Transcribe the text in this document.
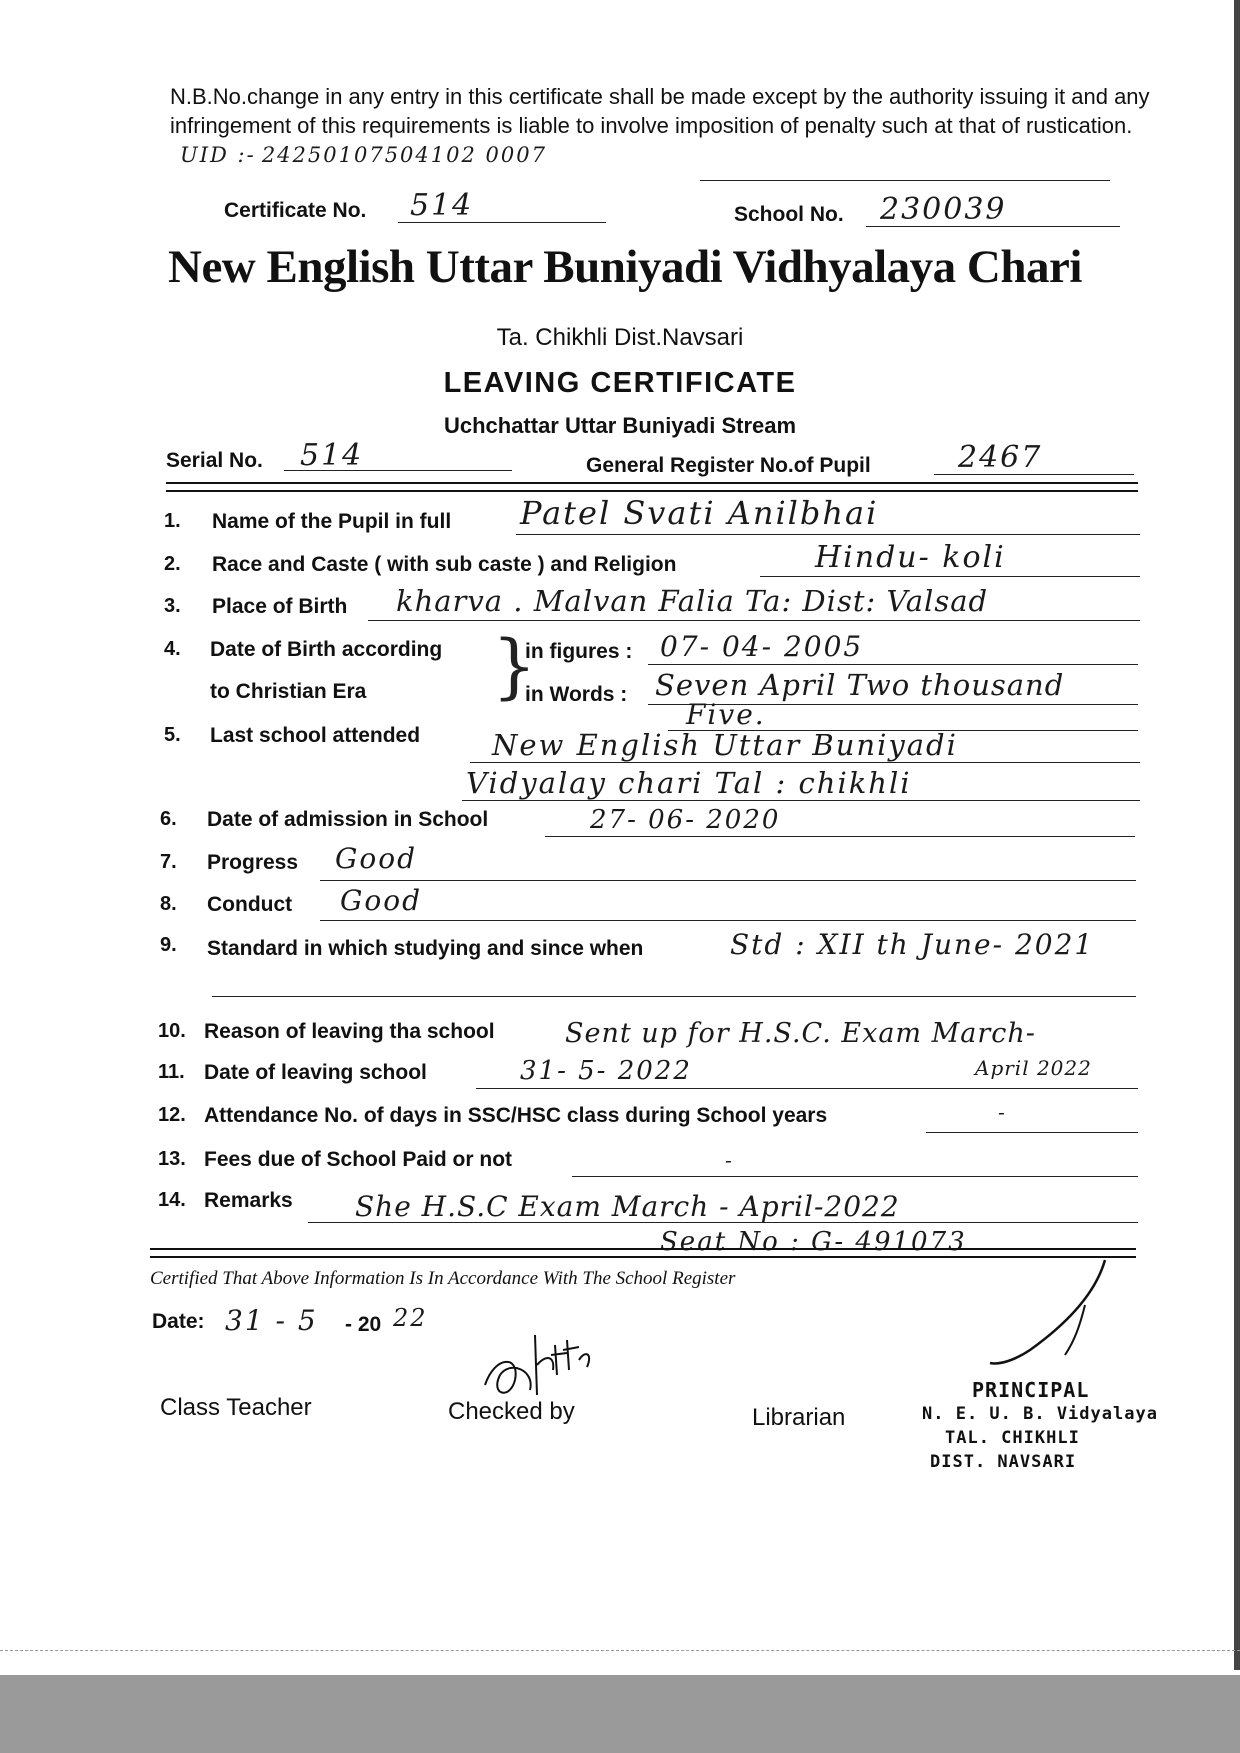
N.B.No.change in any entry in this certificate shall be made except by the authority issuing it and any infringement of this requirements is liable to involve imposition of penalty such at that of rustication. UID :- 24250107504102 0007
Certificate No. 514	School No. 230039
New English Uttar Buniyadi Vidhyalaya Chari
Ta. Chikhli Dist.Navsari
LEAVING CERTIFICATE
Uchchattar Uttar Buniyadi Stream
Serial No. 514	General Register No.of Pupil	2467
1. Name of the Pupil in full Patel Svati Anilbhai
2. Race and Caste ( with sub caste ) and Religion	Hindu- koli
3. Place of Birth kharva . Malvan Falia Ta: Dist: Valsad
4. Date of Birth according
to Christian Era }
in figures : 07- 04- 2005
in Words : Seven April Two thousand
Five.
5. Last school attended New English Uttar Buniyadi
Vidyalay chari Tal : chikhli
6. Date of admission in School	27- 06- 2020
7. Progress Good
8. Conduct Good
9. Standard in which studying and since when	Std : XII th June- 2021
10. Reason of leaving tha school	Sent up for H.S.C. Exam March-
April 2022
11. Date of leaving school	31- 5- 2022
12. Attendance No. of days in SSC/HSC class during School years	-
13. Fees due of School Paid or not	-
14. Remarks She H.S.C Exam March - April-2022
Seat No : G- 491073
Certified That Above Information Is In Accordance With The School Register
Date: 31 - 5 - 20 22
Class Teacher	Checked by	Librarian
PRINCIPAL
N. E. U. B. Vidyalaya
TAL. CHIKHLI
DIST. NAVSARI
